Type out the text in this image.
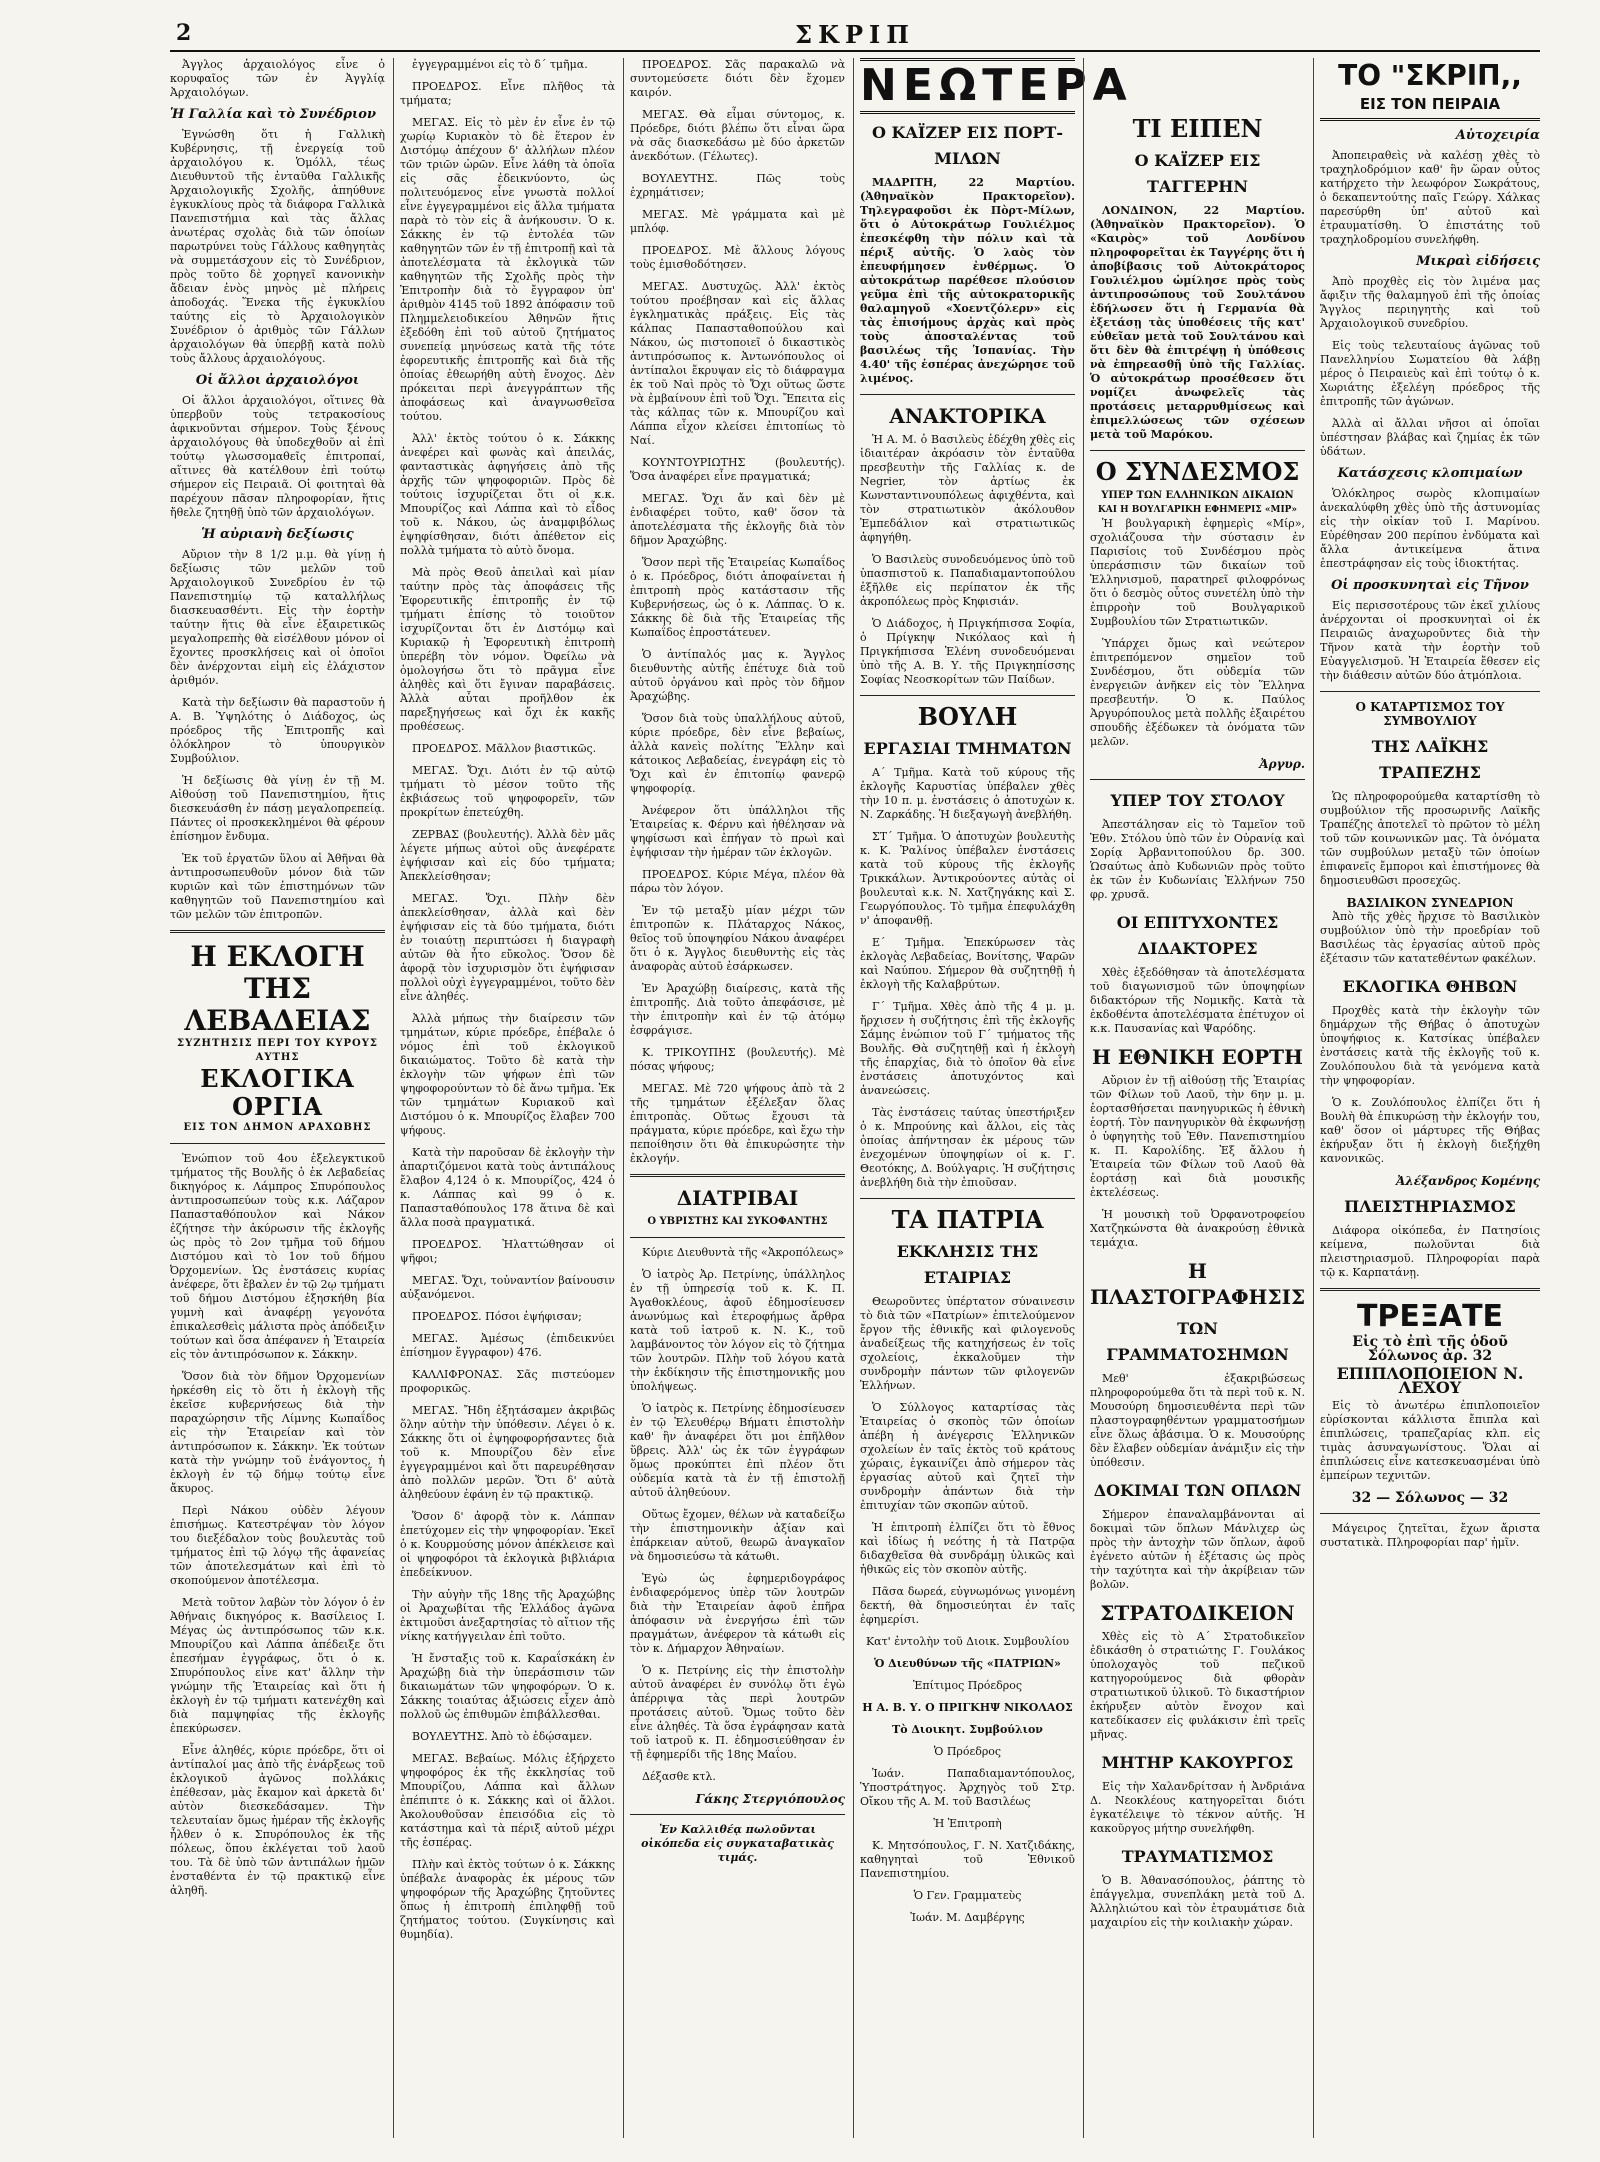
2	ΣΚΡΙΠ

Ἀγγλος ἀρχαιολόγος εἶνε ὁ κορυφαῖος τῶν ἐν Ἀγγλίᾳ Ἀρχαιολόγων.

Ἡ Γαλλία καὶ τὸ Συνέδριον

Ἐγνώσθη ὅτι ἡ Γαλλικὴ Κυβέρνησις, τῇ ἐνεργείᾳ τοῦ ἀρχαιολόγου κ. Ὁμόλλ, τέως Διευθυντοῦ τῆς ἐνταῦθα Γαλλικῆς Ἀρχαιολογικῆς Σχολῆς, ἀπηύθυνε ἐγκυκλίους πρὸς τὰ διάφορα Γαλλικὰ Πανεπιστήμια καὶ τὰς ἄλλας ἀνωτέρας σχολὰς διὰ τῶν ὁποίων παρωτρύνει τοὺς Γάλλους καθηγητὰς νὰ συμμετάσχουν εἰς τὸ Συνέδριον, πρὸς τοῦτο δὲ χορηγεῖ κανονικὴν ἄδειαν ἐνὸς μηνὸς μὲ πλήρεις ἀποδοχάς. Ἕνεκα τῆς ἐγκυκλίου ταύτης εἰς τὸ Ἀρχαιολογικὸν Συνέδριον ὁ ἀριθμὸς τῶν Γάλλων ἀρχαιολόγων θὰ ὑπερβῇ κατὰ πολὺ τοὺς ἄλλους ἀρχαιολόγους.

Οἱ ἄλλοι ἀρχαιολόγοι

Οἱ ἄλλοι ἀρχαιολόγοι, οἵτινες θὰ ὑπερβοῦν τοὺς τετρακοσίους ἀφικνοῦνται σήμερον. Τοὺς ξένους ἀρχαιολόγους θὰ ὑποδεχθοῦν αἱ ἐπὶ τούτῳ γλωσσομαθεῖς ἐπιτροπαί, αἵτινες θὰ κατέλθουν ἐπὶ τούτῳ σήμερον εἰς Πειραιᾶ. Οἱ φοιτηταὶ θὰ παρέχουν πᾶσαν πληροφορίαν, ἥτις ἤθελε ζητηθῇ ὑπὸ τῶν ἀρχαιολόγων.

Ἡ αὐριανὴ δεξίωσις

Αὔριον τὴν 8 1/2 μ.μ. θὰ γίνῃ ἡ δεξίωσις τῶν μελῶν τοῦ Ἀρχαιολογικοῦ Συνεδρίου ἐν τῷ Πανεπιστημίῳ τῷ καταλλήλως διασκευασθέντι. Εἰς τὴν ἑορτὴν ταύτην ἥτις θὰ εἶνε ἐξαιρετικῶς μεγαλοπρεπὴς θὰ εἰσέλθουν μόνον οἱ ἔχοντες προσκλήσεις καὶ οἱ ὁποῖοι δὲν ἀνέρχονται εἰμὴ εἰς ἐλάχιστον ἀριθμόν.

Κατὰ τὴν δεξίωσιν θὰ παραστοῦν ἡ Α. Β. Ὑψηλότης ὁ Διάδοχος, ὡς πρόεδρος τῆς Ἐπιτροπῆς καὶ ὁλόκληρον τὸ ὑπουργικὸν Συμβούλιον.

Ἡ δεξίωσις θὰ γίνῃ ἐν τῇ Μ. Αἰθούσῃ τοῦ Πανεπιστημίου, ἥτις διεσκευάσθη ἐν πάσῃ μεγαλοπρεπείᾳ. Πάντες οἱ προσκεκλημένοι θὰ φέρουν ἐπίσημον ἔνδυμα.

Ἐκ τοῦ ἐργατῶν ὕλου αἱ Ἀθῆναι θὰ ἀντιπροσωπευθοῦν μόνον διὰ τῶν κυριῶν καὶ τῶν ἐπιστημόνων τῶν καθηγητῶν τοῦ Πανεπιστημίου καὶ τῶν μελῶν τῶν ἐπιτροπῶν.

Η ΕΚΛΟΓΗ
ΤΗΣ ΛΕΒΑΔΕΙΑΣ
ΣΥΖΗΤΗΣΙΣ ΠΕΡΙ ΤΟΥ ΚΥΡΟΥΣ ΑΥΤΗΣ
ΕΚΛΟΓΙΚΑ ΟΡΓΙΑ
ΕΙΣ ΤΟΝ ΔΗΜΟΝ ΑΡΑΧΩΒΗΣ

Ἐνώπιον τοῦ 4ου ἐξελεγκτικοῦ τμήματος τῆς Βουλῆς ὁ ἐκ Λεβαδείας δικηγόρος κ. Λάμπρος Σπυρόπουλος ἀντιπροσωπεύων τοὺς κ.κ. Λάζαρον Παπασταθόπουλον καὶ Νάκον ἐζήτησε τὴν ἀκύρωσιν τῆς ἐκλογῆς ὡς πρὸς τὸ 2ον τμῆμα τοῦ δήμου Διστόμου καὶ τὸ 1ον τοῦ δήμου Ὀρχομενίων. Ὡς ἐνστάσεις κυρίας ἀνέφερε, ὅτι ἔβαλεν ἐν τῷ 2ῳ τμήματι τοῦ δήμου Διστόμου ἐξησκήθη βία γυμνὴ καὶ ἀναφέρῃ γεγονότα ἐπικαλεσθεὶς μάλιστα πρὸς ἀπόδειξιν τούτων καὶ ὅσα ἀπέφανεν ἡ Ἐταιρεία εἰς τὸν ἀντιπρόσωπον κ. Σάκκην.

Ὅσον διὰ τὸν δῆμον Ὀρχομενίων ἠρκέσθη εἰς τὸ ὅτι ἡ ἐκλογὴ τῆς ἐκεῖσε κυβερνήσεως διὰ τὴν παραχώρησιν τῆς Λίμνης Κωπαΐδος εἰς τὴν Ἑταιρείαν καὶ τὸν ἀντιπρόσωπον κ. Σάκκην. Ἐκ τούτων κατὰ τὴν γνώμην τοῦ ἐνάγοντος, ἡ ἐκλογὴ ἐν τῷ δήμῳ τούτῳ εἶνε ἄκυρος.

Περὶ Νάκου οὐδὲν λέγουν ἐπισήμως. Κατεστρέψαν τὸν λόγον του διεξέδαλον τοὺς βουλευτὰς τοῦ τμήματος ἐπὶ τῷ λόγῳ τῆς ἀφανείας τῶν ἀποτελεσμάτων καὶ ἐπὶ τὸ σκοπούμενον ἀποτέλεσμα.

Μετὰ τοῦτον λαβὼν τὸν λόγον ὁ ἐν Ἀθήναις δικηγόρος κ. Βασίλειος Ι. Μέγας ὡς ἀντιπρόσωπος τῶν κ.κ. Μπουρίζου καὶ Λάππα ἀπέδειξε ὅτι ἐπεσήμαν ἐγγράφως, ὅτι ὁ κ. Σπυρόπουλος εἶνε κατ' ἄλλην τὴν γνώμην τῆς Ἑταιρείας καὶ ὅτι ἡ ἐκλογὴ ἐν τῷ τμήματι κατενέχθη καὶ διὰ παμψηφίας τῆς ἐκλογῆς ἐπεκύρωσεν.

Εἶνε ἀληθές, κύριε πρόεδρε, ὅτι οἱ ἀντίπαλοί μας ἀπὸ τῆς ἐνάρξεως τοῦ ἐκλογικοῦ ἀγῶνος πολλάκις ἐπέθεσαν, μὰς ἔκαμον καὶ ἀρκετὰ δι' αὐτὸν διεσκεδάσαμεν. Τὴν τελευταίαν ὅμως ἡμέραν τῆς ἐκλογῆς ἦλθεν ὁ κ. Σπυρόπουλος ἐκ τῆς πόλεως, ὅπου ἐκλέγεται τοῦ λαοῦ του. Τὰ δὲ ὑπὸ τῶν ἀντιπάλων ἡμῶν ἐνσταθέντα ἐν τῷ πρακτικῷ εἶνε ἀληθῆ.

ἐγγεγραμμένοι εἰς τὸ δ΄ τμῆμα.

ΠΡΟΕΔΡΟΣ. Εἶνε πλῆθος τὰ τμήματα;

ΜΕΓΑΣ. Εἰς τὸ μὲν ἐν εἶνε ἐν τῷ χωρίῳ Κυριακὸν τὸ δὲ ἕτερον ἐν Διστόμῳ ἀπέχουν δ' ἀλλήλων πλέον τῶν τριῶν ὡρῶν. Εἶνε λάθη τὰ ὁποῖα εἰς σᾶς ἐδεικνύοντο, ὡς πολιτευόμενος εἶνε γνωστὰ πολλοί εἶνε ἐγγεγραμμένοι εἰς ἄλλα τμήματα παρὰ τὸ τὸν εἰς ἃ ἀνήκουσιν. Ὁ κ. Σάκκης ἐν τῷ ἐντολέα τῶν καθηγητῶν τῶν ἐν τῇ ἐπιτροπῇ καὶ τὰ ἀποτελέσματα τὰ ἐκλογικὰ τῶν καθηγητῶν τῆς Σχολῆς πρὸς τὴν Ἐπιτροπὴν διὰ τὸ ἔγγραφον ὑπ' ἀριθμὸν 4145 τοῦ 1892 ἀπόφασιν τοῦ Πλημμελειοδικείου Ἀθηνῶν ἥτις ἐξεδόθη ἐπὶ τοῦ αὐτοῦ ζητήματος συνεπείᾳ μηνύσεως κατὰ τῆς τότε ἐφορευτικῆς ἐπιτροπῆς καὶ διὰ τῆς ὁποίας ἐθεωρήθη αὐτὴ ἔνοχος. Δὲν πρόκειται περὶ ἀνεγγράπτων τῆς ἀποφάσεως καὶ ἀναγνωσθεῖσα τούτου.

Ἀλλ' ἐκτὸς τούτου ὁ κ. Σάκκης ἀνεφέρει καὶ φωνὰς καὶ ἀπειλάς, φανταστικὰς ἀφηγήσεις ἀπὸ τῆς ἀρχῆς τῶν ψηφοφοριῶν. Πρὸς δὲ τούτοις ἰσχυρίζεται ὅτι οἱ κ.κ. Μπουρίζος καὶ Λάππα καὶ τὸ εἶδος τοῦ κ. Νάκου, ὡς ἀναμφιβόλως ἐψηφίσθησαν, διότι ἀπέθετον εἰς πολλὰ τμήματα τὸ αὐτὸ ὄνομα.

Μὰ πρὸς Θεοῦ ἀπειλαὶ καὶ μίαν ταύτην πρὸς τὰς ἀποφάσεις τῆς Ἐφορευτικῆς ἐπιτροπῆς ἐν τῷ τμήματι ἐπίσης τὸ τοιοῦτον ἰσχυρίζονται ὅτι ἐν Διστόμῳ καὶ Κυριακῷ ἡ Ἐφορευτικὴ ἐπιτροπὴ ὑπερέβη τὸν νόμον. Ὀφείλω νὰ ὁμολογήσω ὅτι τὸ πρᾶγμα εἶνε ἀληθὲς καὶ ὅτι ἔγιναν παραβάσεις. Ἀλλὰ αὗται προῆλθον ἐκ παρεξηγήσεως καὶ ὄχι ἐκ κακῆς προθέσεως.

ΠΡΟΕΔΡΟΣ. Μᾶλλον βιαστικῶς.

ΜΕΓΑΣ. Ὄχι. Διότι ἐν τῷ αὐτῷ τμήματι τὸ μέσον τοῦτο τῆς ἐκβιάσεως τοῦ ψηφοφορεῖν, τῶν προκρίτων ἐπετεύχθη.

ΖΕΡΒΑΣ (βουλευτής). Ἀλλὰ δὲν μᾶς λέγετε μήπως αὐτοὶ οὓς ἀνεφέρατε ἐψήφισαν καὶ εἰς δύο τμήματα; Ἀπεκλείσθησαν;

ΜΕΓΑΣ. Ὄχι. Πλὴν δὲν ἀπεκλείσθησαν, ἀλλὰ καὶ δὲν ἐψήφισαν εἰς τὰ δύο τμήματα, διότι ἐν τοιαύτῃ περιπτώσει ἡ διαγραφὴ αὐτῶν θὰ ἦτο εὔκολος. Ὅσον δὲ ἀφορᾷ τὸν ἰσχυρισμὸν ὅτι ἐψήφισαν πολλοὶ οὐχὶ ἐγγεγραμμένοι, τοῦτο δὲν εἶνε ἀληθές.

Ἀλλὰ μήπως τὴν διαίρεσιν τῶν τμημάτων, κύριε πρόεδρε, ἐπέβαλε ὁ νόμος ἐπὶ τοῦ ἐκλογικοῦ δικαιώματος. Τοῦτο δὲ κατὰ τὴν ἐκλογὴν τῶν ψήφων ἐπὶ τῶν ψηφοφορούντων τὸ δὲ ἄνω τμῆμα. Ἐκ τῶν τμημάτων Κυριακοῦ καὶ Διστόμου ὁ κ. Μπουρίζος ἔλαβεν 700 ψήφους.

Κατὰ τὴν παροῦσαν δὲ ἐκλογὴν τὴν ἀπαρτιζόμενοι κατὰ τοὺς ἀντιπάλους ἔλαβον 4,124 ὁ κ. Μπουρίζος, 424 ὁ κ. Λάππας καὶ 99 ὁ κ. Παπασταθόπουλος 178 ἅτινα δὲ καὶ ἄλλα ποσὰ πραγματικά.

ΠΡΟΕΔΡΟΣ. Ἠλαττώθησαν οἱ ψῆφοι;

ΜΕΓΑΣ. Ὄχι, τοὐναντίον βαίνουσιν αὐξανόμενοι.

ΠΡΟΕΔΡΟΣ. Πόσοι ἐψήφισαν;

ΜΕΓΑΣ. Ἀμέσως (ἐπιδεικνύει ἐπίσημον ἔγγραφον) 476.

ΚΑΛΛΙΦΡΟΝΑΣ. Σᾶς πιστεύομεν προφορικῶς.

ΜΕΓΑΣ. Ἤδη ἐξητάσαμεν ἀκριβῶς ὅλην αὐτὴν τὴν ὑπόθεσιν. Λέγει ὁ κ. Σάκκης ὅτι οἱ ἐψηφοφορήσαντες διὰ τοῦ κ. Μπουρίζου δὲν εἶνε ἐγγεγραμμένοι καὶ ὅτι παρευρέθησαν ἀπὸ πολλῶν μερῶν. Ὅτι δ' αὐτὰ ἀληθεύουν ἐφάνη ἐν τῷ πρακτικῷ.

Ὅσον δ' ἀφορᾷ τὸν κ. Λάππαν ἐπετύχομεν εἰς τὴν ψηφοφορίαν. Ἐκεῖ ὁ κ. Κουρμούσης μόνον ἀπέκλεισε καὶ οἱ ψηφοφόροι τὰ ἐκλογικὰ βιβλιάρια ἐπεδείκνυον.

Τὴν αὐγὴν τῆς 18ης τῆς Ἀραχώβης οἱ Ἀραχωβίται τῆς Ἑλλάδος ἀγῶνα ἐκτιμοῦσι ἀνεξαρτησίας τὸ αἴτιον τῆς νίκης κατήγγειλαν ἐπὶ τοῦτο.

Ἡ ἔνσταξις τοῦ κ. Καραΐσκάκη ἐν Ἀραχώβῃ διὰ τὴν ὑπεράσπισιν τῶν δικαιωμάτων τῶν ψηφοφόρων. Ὁ κ. Σάκκης τοιαύτας ἀξιώσεις εἶχεν ἀπὸ πολλοῦ ὡς ἐπιθυμῶν ἐπιβάλλεσθαι.

ΒΟΥΛΕΥΤΗΣ. Ἀπὸ τὸ ἐδῴσαμεν.

ΜΕΓΑΣ. Βεβαίως. Μόλις ἐξήρχετο ψηφοφόρος ἐκ τῆς ἐκκλησίας τοῦ Μπουρίζου, Λάππα καὶ ἄλλων ἐπέπιπτε ὁ κ. Σάκκης καὶ οἱ ἄλλοι. Ἀκολουθοῦσαν ἐπεισόδια εἰς τὸ κατάστημα καὶ τὰ πέριξ αὐτοῦ μέχρι τῆς ἑσπέρας.

Πλὴν καὶ ἐκτὸς τούτων ὁ κ. Σάκκης ὑπέβαλε ἀναφορὰς ἐκ μέρους τῶν ψηφοφόρων τῆς Ἀραχώβης ζητοῦντες ὅπως ἡ ἐπιτροπὴ ἐπιληφθῇ τοῦ ζητήματος τούτου. (Συγκίνησις καὶ θυμηδία).

ΠΡΟΕΔΡΟΣ. Σᾶς παρακαλῶ νὰ συντομεύσετε διότι δὲν ἔχομεν καιρόν.

ΜΕΓΑΣ. Θὰ εἶμαι σύντομος, κ. Πρόεδρε, διότι βλέπω ὅτι εἶναι ὥρα νὰ σᾶς διασκεδάσω μὲ δύο ἀρκετῶν ἀνεκδότων. (Γέλωτες).

ΒΟΥΛΕΥΤΗΣ. Πῶς τοὺς ἐχρημάτισεν;

ΜΕΓΑΣ. Μὲ γράμματα καὶ μὲ μπλόφ.

ΠΡΟΕΔΡΟΣ. Μὲ ἄλλους λόγους τοὺς ἐμισθοδότησεν.

ΜΕΓΑΣ. Δυστυχῶς. Ἀλλ' ἐκτὸς τούτου προέβησαν καὶ εἰς ἄλλας ἐγκληματικὰς πράξεις. Εἰς τὰς κάλπας Παπασταθοπούλου καὶ Νάκου, ὡς πιστοποιεῖ ὁ δικαστικὸς ἀντιπρόσωπος κ. Ἀντωνόπουλος οἱ ἀντίπαλοι ἔκρυψαν εἰς τὸ διάφραγμα ἐκ τοῦ Ναὶ πρὸς τὸ Ὄχι οὕτως ὥστε νὰ ἐμβαίνουν ἐπὶ τοῦ Ὄχι. Ἔπειτα εἰς τὰς κάλπας τῶν κ. Μπουρίζου καὶ Λάππα εἶχον κλείσει ἐπιτοπίως τὸ Ναί.

ΚΟΥΝΤΟΥΡΙΩΤΗΣ (βουλευτής). Ὅσα ἀναφέρει εἶνε πραγματικά;

ΜΕΓΑΣ. Ὄχι ἄν καὶ δὲν μὲ ἐνδιαφέρει τοῦτο, καθ' ὅσον τὰ ἀποτελέσματα τῆς ἐκλογῆς διὰ τὸν δῆμον Ἀραχώβης.

Ὅσον περὶ τῆς Ἑταιρείας Κωπαΐδος ὁ κ. Πρόεδρος, διότι ἀποφαίνεται ἡ ἐπιτροπὴ πρὸς κατάστασιν τῆς Κυβερνήσεως, ὡς ὁ κ. Λάππας. Ὁ κ. Σάκκης δὲ διὰ τῆς Ἑταιρείας τῆς Κωπαΐδος ἐπροστάτευεν.

Ὁ ἀντίπαλός μας κ. Ἄγγλος διευθυντὴς αὐτῆς ἐπέτυχε διὰ τοῦ αὐτοῦ ὀργάνου καὶ πρὸς τὸν δῆμον Ἀραχώβης.

Ὅσον διὰ τοὺς ὑπαλλήλους αὐτοῦ, κύριε πρόεδρε, δὲν εἶνε βεβαίως, ἀλλὰ κανεὶς πολίτης Ἕλλην καὶ κάτοικος Λεβαδείας, ἐνεγράφη εἰς τὸ Ὄχι καὶ ἐν ἐπιτοπίῳ φανερῷ ψηφοφορίᾳ.

Ἀνέφερον ὅτι ὑπάλληλοι τῆς Ἑταιρείας κ. Φέρνυ καὶ ἠθέλησαν νὰ ψηφίσωσι καὶ ἐπήγαν τὸ πρωὶ καὶ ἐψήφισαν τὴν ἡμέραν τῶν ἐκλογῶν.

ΠΡΟΕΔΡΟΣ. Κύριε Μέγα, πλέον θὰ πάρω τὸν λόγον.

Ἐν τῷ μεταξὺ μίαν μέχρι τῶν ἐπιτροπῶν κ. Πλάταρχος Νάκος, θεῖος τοῦ ὑποψηφίου Νάκου ἀναφέρει ὅτι ὁ κ. Ἄγγλος διευθυντὴς εἰς τὰς ἀναφορὰς αὐτοῦ ἐσάρκωσεν.

Ἐν Ἀραχώβῃ διαίρεσις, κατὰ τῆς ἐπιτροπῆς. Διὰ τοῦτο ἀπεφάσισε, μὲ τὴν ἐπιτροπὴν καὶ ἐν τῷ ἀτόμῳ ἐσφράγισε.

Κ. ΤΡΙΚΟΥΠΗΣ (βουλευτής). Μὲ πόσας ψήφους;

ΜΕΓΑΣ. Μὲ 720 ψήφους ἀπὸ τὰ 2 τῆς τμημάτων ἐξέλεξαν ὅλας ἐπιτροπὰς. Οὕτως ἔχουσι τὰ πράγματα, κύριε πρόεδρε, καὶ ἔχω τὴν πεποίθησιν ὅτι θὰ ἐπικυρώσητε τὴν ἐκλογήν.

ΔΙΑΤΡΙΒΑΙ
Ο ΥΒΡΙΣΤΗΣ ΚΑΙ ΣΥΚΟΦΑΝΤΗΣ

Κύριε Διευθυντὰ τῆς «Ἀκροπόλεως»

Ὁ ἰατρὸς Ἀρ. Πετρίνης, ὑπάλληλος ἐν τῇ ὑπηρεσίᾳ τοῦ κ. Κ. Π. Ἀγαθοκλέους, ἀφοῦ ἐδημοσίευσεν ἀνωνύμως καὶ ἑτεροφήμως ἄρθρα κατὰ τοῦ ἰατροῦ κ. Ν. Κ., τοῦ λαμβάνοντος τὸν λόγον εἰς τὸ ζήτημα τῶν λουτρῶν. Πλὴν τοῦ λόγου κατὰ τὴν ἐκδίκησιν τῆς ἐπιστημονικῆς μου ὑπολήψεως.

Ὁ ἰατρὸς κ. Πετρίνης ἐδημοσίευσεν ἐν τῷ Ἐλευθέρῳ Βήματι ἐπιστολὴν καθ' ἣν ἀναφέρει ὅτι μοι ἐπῆλθον ὕβρεις. Ἀλλ' ὡς ἐκ τῶν ἐγγράφων ὅμως προκύπτει ἐπὶ πλέον ὅτι οὐδεμία κατὰ τὰ ἐν τῇ ἐπιστολῇ αὐτοῦ ἀληθεύουν.

Οὕτως ἔχομεν, θέλων νὰ καταδείξω τὴν ἐπιστημονικὴν ἀξίαν καὶ ἐπάρκειαν αὐτοῦ, θεωρῶ ἀναγκαῖον νὰ δημοσιεύσω τὰ κάτωθι.

Ἐγὼ ὡς ἐφημεριδογράφος ἐνδιαφερόμενος ὑπὲρ τῶν λουτρῶν διὰ τὴν Ἑταιρείαν ἀφοῦ ἐπῆρα ἀπόφασιν νὰ ἐνεργήσω ἐπὶ τῶν πραγμάτων, ἀνέφερον τὰ κάτωθι εἰς τὸν κ. Δήμαρχον Ἀθηναίων.

Ὁ κ. Πετρίνης εἰς τὴν ἐπιστολὴν αὐτοῦ ἀναφέρει ἐν συνόλῳ ὅτι ἐγὼ ἀπέρριψα τὰς περὶ λουτρῶν προτάσεις αὐτοῦ. Ὅμως τοῦτο δὲν εἶνε ἀληθές. Τὰ ὅσα ἐγράφησαν κατὰ τοῦ ἰατροῦ κ. Π. ἐδημοσιεύθησαν ἐν τῇ ἐφημερίδι τῆς 18ης Μαΐου.

Δέξασθε κτλ.

Γάκης Στεργιόπουλος

Ἐν Καλλιθέᾳ πωλοῦνται οἰκόπεδα εἰς συγκαταβατικὰς τιμάς.

ΝΕΩΤΕΡΑ
Ο ΚΑΪΖΕΡ ΕΙΣ ΠΟΡΤ-ΜΙΛΩΝ

ΜΑΔΡΙΤΗ, 22 Μαρτίου. (Ἀθηναϊκὸν Πρακτορεῖον). Τηλεγραφοῦσι ἐκ Πὸρτ-Μίλων, ὅτι ὁ Αὐτοκράτωρ Γουλιέλμος ἐπεσκέφθη τὴν πόλιν καὶ τὰ πέριξ αὐτῆς. Ὁ λαὸς τὸν ἐπευφήμησεν ἐνθέρμως. Ὁ αὐτοκράτωρ παρέθεσε πλούσιον γεῦμα ἐπὶ τῆς αὐτοκρατορικῆς θαλαμηγοῦ «Χοεντζόλερν» εἰς τὰς ἐπισήμους ἀρχὰς καὶ πρὸς τοὺς ἀποσταλέντας τοῦ βασιλέως τῆς Ἱσπανίας. Τὴν 4.40' τῆς ἑσπέρας ἀνεχώρησε τοῦ λιμένος.

ΑΝΑΚΤΟΡΙΚΑ

Ἡ Α. Μ. ὁ Βασιλεὺς ἐδέχθη χθὲς εἰς ἰδιαιτέραν ἀκρόασιν τὸν ἐνταῦθα πρεσβευτὴν τῆς Γαλλίας κ. de Negrier, τὸν ἀρτίως ἐκ Κωνσταντινουπόλεως ἀφιχθέντα, καὶ τὸν στρατιωτικὸν ἀκόλουθον Ἐμπεδάλιον καὶ στρατιωτικῶς ἀφηγήθη.

Ὁ Βασιλεὺς συνοδευόμενος ὑπὸ τοῦ ὑπασπιστοῦ κ. Παπαδιαμαντοπούλου ἐξῆλθε εἰς περίπατον ἐκ τῆς ἀκροπόλεως πρὸς Κηφισιάν.

Ὁ Διάδοχος, ἡ Πριγκήπισσα Σοφία, ὁ Πρίγκηψ Νικόλαος καὶ ἡ Πριγκήπισσα Ἑλένη συνοδευόμεναι ὑπὸ τῆς Α. Β. Υ. τῆς Πριγκηπίσσης Σοφίας Νεοσκορίτων τῶν Παίδων.

ΒΟΥΛΗ
ΕΡΓΑΣΙΑΙ ΤΜΗΜΑΤΩΝ

Α΄ Τμῆμα. Κατὰ τοῦ κύρους τῆς ἐκλογῆς Καρυστίας ὑπέβαλεν χθὲς τὴν 10 π. μ. ἐνστάσεις ὁ ἀποτυχὼν κ. Ν. Ζαρκάδης. Ἡ διεξαγωγὴ ἀνεβλήθη.

ΣΤ΄ Τμῆμα. Ὁ ἀποτυχὼν βουλευτὴς κ. Κ. Ῥαλίνος ὑπέβαλεν ἐνστάσεις κατὰ τοῦ κύρους τῆς ἐκλογῆς Τρικκάλων. Ἀντικρούοντες αὐτὰς οἱ βουλευταὶ κ.κ. Ν. Χατζηγάκης καὶ Σ. Γεωργόπουλος. Τὸ τμῆμα ἐπεφυλάχθη ν' ἀποφανθῇ.

Ε΄ Τμῆμα. Ἐπεκύρωσεν τὰς ἐκλογὰς Λεβαδείας, Βονίτσης, Ψαρῶν καὶ Ναύπου. Σήμερον θὰ συζητηθῇ ἡ ἐκλογὴ τῆς Καλαβρύτων.

Γ΄ Τμῆμα. Χθὲς ἀπὸ τῆς 4 μ. μ. ἤρχισεν ἡ συζήτησις ἐπὶ τῆς ἐκλογῆς Σάμης ἐνώπιον τοῦ Γ΄ τμήματος τῆς Βουλῆς. Θὰ συζητηθῇ καὶ ἡ ἐκλογὴ τῆς ἐπαρχίας, διὰ τὸ ὁποῖον θὰ εἶνε ἐνστάσεις ἀποτυχόντος καὶ ἀνανεώσεις.

Τὰς ἐνστάσεις ταύτας ὑπεστήριξεν ὁ κ. Μπρούνης καὶ ἄλλοι, εἰς τὰς ὁποίας ἀπήντησαν ἐκ μέρους τῶν ἐνεχομένων ὑποψηφίων οἱ κ. Γ. Θεοτόκης, Δ. Βούλγαρις. Ἡ συζήτησις ἀνεβλήθη διὰ τὴν ἐπιοῦσαν.

ΤΑ ΠΑΤΡΙΑ
ΕΚΚΛΗΣΙΣ ΤΗΣ ΕΤΑΙΡΙΑΣ

Θεωροῦντες ὑπέρτατον σύναινεσιν τὸ διὰ τῶν «Πατρίων» ἐπιτελούμενον ἔργον τῆς ἐθνικῆς καὶ φιλογενοῦς ἀναδείξεως τῆς κατηχήσεως ἐν τοῖς σχολείοις, ἐκκαλοῦμεν τὴν συνδρομὴν πάντων τῶν φιλογενῶν Ἑλλήνων.

Ὁ Σύλλογος καταρτίσας τὰς Ἑταιρείας ὁ σκοπὸς τῶν ὁποίων ἀπέβη ἡ ἀνέγερσις Ἑλληνικῶν σχολείων ἐν ταῖς ἐκτὸς τοῦ κράτους χώραις, ἐγκαινίζει ἀπὸ σήμερον τὰς ἐργασίας αὐτοῦ καὶ ζητεῖ τὴν συνδρομὴν ἁπάντων διὰ τὴν ἐπιτυχίαν τῶν σκοπῶν αὐτοῦ.

Ἡ ἐπιτροπὴ ἐλπίζει ὅτι τὸ ἔθνος καὶ ἰδίως ἡ νεότης ἡ τὰ Πατρῷα διδαχθεῖσα θὰ συνδράμῃ ὑλικῶς καὶ ἠθικῶς εἰς τὸν σκοπὸν αὐτῆς.

Πᾶσα δωρεά, εὐγνωμόνως γινομένη δεκτή, θὰ δημοσιεύηται ἐν ταῖς ἐφημερίσι.

Κατ' ἐντολὴν τοῦ Διοικ. Συμβουλίου

Ὁ Διευθύνων τῆς «ΠΑΤΡΙΩΝ»

Ἐπίτιμος Πρόεδρος

Η Α. Β. Υ. Ο ΠΡΙΓΚΗΨ ΝΙΚΟΛΑΟΣ

Τὸ Διοικητ. Συμβούλιον

Ὁ Πρόεδρος

Ἰωάν. Παπαδιαμαντόπουλος, Ὑποστράτηγος. Ἀρχηγὸς τοῦ Στρ. Οἴκου τῆς Α. Μ. τοῦ Βασιλέως

Ἡ Ἐπιτροπὴ

Κ. Μητσόπουλος, Γ. Ν. Χατζιδάκης, καθηγηταὶ τοῦ Ἐθνικοῦ Πανεπιστημίου.

Ὁ Γεν. Γραμματεὺς

Ἰωάν. Μ. Δαμβέργης

ΤΙ ΕΙΠΕΝ
Ο ΚΑΪΖΕΡ ΕΙΣ ΤΑΓΓΕΡΗΝ

ΛΟΝΔΙΝΟΝ, 22 Μαρτίου. (Ἀθηναϊκὸν Πρακτορεῖον). Ὁ «Καιρὸς» τοῦ Λονδίνου πληροφορεῖται ἐκ Ταγγέρης ὅτι ἡ ἀποβίβασις τοῦ Αὐτοκράτορος Γουλιέλμου ὡμίλησε πρὸς τοὺς ἀντιπροσώπους τοῦ Σουλτάνου ἐδήλωσεν ὅτι ἡ Γερμανία θὰ ἐξετάσῃ τὰς ὑποθέσεις τῆς κατ' εὐθεῖαν μετὰ τοῦ Σουλτάνου καὶ ὅτι δὲν θὰ ἐπιτρέψῃ ἡ ὑπόθεσις νὰ ἐπηρεασθῇ ὑπὸ τῆς Γαλλίας. Ὁ αὐτοκράτωρ προσέθεσεν ὅτι νομίζει ἀνωφελεῖς τὰς προτάσεις μεταρρυθμίσεως καὶ ἐπιμελλώσεως τῶν σχέσεων μετὰ τοῦ Μαρόκου.

Ο ΣΥΝΔΕΣΜΟΣ
ΥΠΕΡ ΤΩΝ ΕΛΛΗΝΙΚΩΝ ΔΙΚΑΙΩΝ
ΚΑΙ Η ΒΟΥΛΓΑΡΙΚΗ ΕΦΗΜΕΡΙΣ «ΜΙΡ»

Ἡ βουλγαρικὴ ἐφημερὶς «Μίρ», σχολιάζουσα τὴν σύστασιν ἐν Παρισίοις τοῦ Συνδέσμου πρὸς ὑπεράσπισιν τῶν δικαίων τοῦ Ἑλληνισμοῦ, παρατηρεῖ φιλοφρόνως ὅτι ὁ δεσμὸς οὗτος συνετέλη ὑπὸ τὴν ἐπιρροὴν τοῦ Βουλγαρικοῦ Συμβουλίου τῶν Στρατιωτικῶν.

Ὑπάρχει ὄμως καὶ νεώτερον ἐπιτρεπόμενον σημεῖον τοῦ Συνδέσμου, ὅτι οὐδεμία τῶν ἐνεργειῶν ἀνῆκεν εἰς τὸν Ἕλληνα πρεσβευτήν. Ὁ κ. Παύλος Ἀργυρόπουλος μετὰ πολλῆς ἐξαιρέτου σπουδῆς ἐξέδωκεν τὰ ὀνόματα τῶν μελῶν.

Ἀργυρ.
ΥΠΕΡ ΤΟΥ ΣΤΟΛΟΥ

Ἀπεστάλησαν εἰς τὸ Ταμεῖον τοῦ Ἐθν. Στόλου ὑπὸ τῶν ἐν Οὐρανίᾳ καὶ Σορίᾳ Ἀρβανιτοπούλου δρ. 300. Ὡσαύτως ἀπὸ Κυδωνιῶν πρὸς τοῦτο ἐκ τῶν ἐν Κυδωνίαις Ἑλλήνων 750 φρ. χρυσᾶ.

ΟΙ ΕΠΙΤΥΧΟΝΤΕΣ ΔΙΔΑΚΤΟΡΕΣ

Χθὲς ἐξεδόθησαν τὰ ἀποτελέσματα τοῦ διαγωνισμοῦ τῶν ὑποψηφίων διδακτόρων τῆς Νομικῆς. Κατὰ τὰ ἐκδοθέντα ἀποτελέσματα ἐπέτυχον οἱ κ.κ. Παυσανίας καὶ Ψαρόδης.

Η ΕΘΝΙΚΗ ΕΟΡΤΗ

Αὔριον ἐν τῇ αἰθούσῃ τῆς Ἑταιρίας τῶν Φίλων τοῦ Λαοῦ, τὴν 6ην μ. μ. ἑορτασθήσεται πανηγυρικῶς ἡ ἐθνικὴ ἑορτή. Τὸν πανηγυρικὸν θὰ ἐκφωνήσῃ ὁ ὑφηγητὴς τοῦ Ἐθν. Πανεπιστημίου κ. Π. Καρολίδης. Ἐξ ἄλλου ἡ Ἑταιρεία τῶν Φίλων τοῦ Λαοῦ θὰ ἑορτάσῃ καὶ διὰ μουσικῆς ἐκτελέσεως.

Ἡ μουσικὴ τοῦ Ὀρφανοτροφείου Χατζηκώνστα θὰ ἀνακρούσῃ ἐθνικὰ τεμάχια.

Η ΠΛΑΣΤΟΓΡΑΦΗΣΙΣ
ΤΩΝ ΓΡΑΜΜΑΤΟΣΗΜΩΝ

Μεθ' ἐξακριβώσεως πληροφορούμεθα ὅτι τὰ περὶ τοῦ κ. Ν. Μουσούρη δημοσιευθέντα περὶ τῶν πλαστογραφηθέντων γραμματοσήμων εἶνε ὅλως ἀβάσιμα. Ὁ κ. Μουσούρης δὲν ἔλαβεν οὐδεμίαν ἀνάμιξιν εἰς τὴν ὑπόθεσιν.

ΔΟΚΙΜΑΙ ΤΩΝ ΟΠΛΩΝ

Σήμερον ἐπαναλαμβάνονται αἱ δοκιμαὶ τῶν ὅπλων Μάνλιχερ ὡς πρὸς τὴν ἀντοχὴν τῶν ὅπλων, ἀφοῦ ἐγένετο αὐτῶν ἡ ἐξέτασις ὡς πρὸς τὴν ταχύτητα καὶ τὴν ἀκρίβειαν τῶν βολῶν.

ΣΤΡΑΤΟΔΙΚΕΙΟΝ

Χθὲς εἰς τὸ Α΄ Στρατοδικεῖον ἐδικάσθη ὁ στρατιώτης Γ. Γουλάκος ὑπολοχαγὸς τοῦ πεζικοῦ κατηγορούμενος διὰ φθορὰν στρατιωτικοῦ ὑλικοῦ. Τὸ δικαστήριον ἐκήρυξεν αὐτὸν ἔνοχον καὶ κατεδίκασεν εἰς φυλάκισιν ἐπὶ τρεῖς μῆνας.

ΜΗΤΗΡ ΚΑΚΟΥΡΓΟΣ

Εἰς τὴν Χαλανδρίτσαν ἡ Ἀνδριάνα Δ. Νεοκλέους κατηγορεῖται διότι ἐγκατέλειψε τὸ τέκνον αὐτῆς. Ἡ κακοῦργος μήτηρ συνελήφθη.

ΤΡΑΥΜΑΤΙΣΜΟΣ

Ὁ Β. Ἀθανασόπουλος, ῥάπτης τὸ ἐπάγγελμα, συνεπλάκη μετὰ τοῦ Δ. Ἀλληλιώτου καὶ τὸν ἐτραυμάτισε διὰ μαχαιρίου εἰς τὴν κοιλιακὴν χώραν.

ΤΟ "ΣΚΡΙΠ,,
ΕΙΣ ΤΟΝ ΠΕΙΡΑΙΑ
Αὐτοχειρία

Ἀποπειραθεὶς νὰ καλέσῃ χθὲς τὸ τραχηλοδρόμιον καθ' ἣν ὥραν οὗτος κατήρχετο τὴν λεωφόρον Σωκράτους, ὁ δεκαπεντούτης παῖς Γεώργ. Χάλκας παρεσύρθη ὑπ' αὐτοῦ καὶ ἐτραυματίσθη. Ὁ ἐπιστάτης τοῦ τραχηλοδρομίου συνελήφθη.

Μικραὶ εἰδήσεις

Ἀπὸ προχθὲς εἰς τὸν λιμένα μας ἄφιξιν τῆς θαλαμηγοῦ ἐπὶ τῆς ὁποίας Ἄγγλος περιηγητὴς καὶ τοῦ Ἀρχαιολογικοῦ συνεδρίου.

Εἰς τοὺς τελευταίους ἀγῶνας τοῦ Πανελληνίου Σωματείου θὰ λάβῃ μέρος ὁ Πειραιεὺς καὶ ἐπὶ τούτῳ ὁ κ. Χωριάτης ἐξελέγη πρόεδρος τῆς ἐπιτροπῆς τῶν ἀγώνων.

Ἀλλὰ αἱ ἄλλαι νῆσοι αἱ ὁποῖαι ὑπέστησαν βλάβας καὶ ζημίας ἐκ τῶν ὑδάτων.

Κατάσχεσις κλοπιμαίων

Ὁλόκληρος σωρὸς κλοπιμαίων ἀνεκαλύφθη χθὲς ὑπὸ τῆς ἀστυνομίας εἰς τὴν οἰκίαν τοῦ Ι. Μαρίνου. Εὑρέθησαν 200 περίπου ἐνδύματα καὶ ἄλλα ἀντικείμενα ἅτινα ἐπεστράφησαν εἰς τοὺς ἰδιοκτήτας.

Οἱ προσκυνηταὶ εἰς Τῆνον

Εἰς περισσοτέρους τῶν ἐκεῖ χιλίους ἀνέρχονται οἱ προσκυνηταὶ οἱ ἐκ Πειραιῶς ἀναχωροῦντες διὰ τὴν Τῆνον κατὰ τὴν ἑορτὴν τοῦ Εὐαγγελισμοῦ. Ἡ Ἑταιρεία ἔθεσεν εἰς τὴν διάθεσιν αὐτῶν δύο ἀτμόπλοια.

Ο ΚΑΤΑΡΤΙΣΜΟΣ ΤΟΥ ΣΥΜΒΟΥΛΙΟΥ
ΤΗΣ ΛΑΪΚΗΣ ΤΡΑΠΕΖΗΣ

Ὡς πληροφορούμεθα καταρτίσθη τὸ συμβούλιον τῆς προσωρινῆς Λαϊκῆς Τραπέζης ἀποτελεῖ τὸ πρῶτον τὸ μέλη τοῦ τῶν κοινωνικῶν μας. Τὰ ὀνόματα τῶν συμβούλων μεταξὺ τῶν ὁποίων ἐπιφανεῖς ἔμποροι καὶ ἐπιστήμονες θὰ δημοσιευθῶσι προσεχῶς.

ΒΑΣΙΛΙΚΟΝ ΣΥΝΕΔΡΙΟΝ

Ἀπὸ τῆς χθὲς ἤρχισε τὸ Βασιλικὸν συμβούλιον ὑπὸ τὴν προεδρίαν τοῦ Βασιλέως τὰς ἐργασίας αὐτοῦ πρὸς ἐξέτασιν τῶν κατατεθέντων φακέλων.

ΕΚΛΟΓΙΚΑ ΘΗΒΩΝ

Προχθὲς κατὰ τὴν ἐκλογὴν τῶν δημάρχων τῆς Θήβας ὁ ἀποτυχὼν ὑποψήφιος κ. Κατσίκας ὑπέβαλεν ἐνστάσεις κατὰ τῆς ἐκλογῆς τοῦ κ. Ζουλόπουλου διὰ τὰ γενόμενα κατὰ τὴν ψηφοφορίαν.

Ὁ κ. Ζουλόπουλος ἐλπίζει ὅτι ἡ Βουλὴ θὰ ἐπικυρώσῃ τὴν ἐκλογήν του, καθ' ὅσον οἱ μάρτυρες τῆς Θήβας ἐκήρυξαν ὅτι ἡ ἐκλογὴ διεξήχθη κανονικῶς.

Ἀλέξανδρος Κομένης
ΠΛΕΙΣΤΗΡΙΑΣΜΟΣ

Διάφορα οἰκόπεδα, ἐν Πατησίοις κείμενα, πωλοῦνται διὰ πλειστηριασμοῦ. Πληροφορίαι παρὰ τῷ κ. Καρπατάνῃ.

ΤΡΕΞΑΤΕ
Εἰς τὸ ἐπὶ τῆς ὁδοῦ Σόλωνος ἀρ. 32
ΕΠΙΠΛΟΠΟΙΕΙΟΝ Ν. ΛΕΧΟΥ

Εἰς τὸ ἀνωτέρω ἐπιπλοποιεῖον εὑρίσκονται κάλλιστα ἔπιπλα καὶ ἐπιπλώσεις, τραπεζαρίας κλπ. εἰς τιμὰς ἀσυναγωνίστους. Ὅλαι αἱ ἐπιπλώσεις εἶνε κατεσκευασμέναι ὑπὸ ἐμπείρων τεχνιτῶν.

32 — Σόλωνος — 32

Μάγειρος ζητεῖται, ἔχων ἄριστα συστατικὰ. Πληροφορίαι παρ' ἡμῖν.
